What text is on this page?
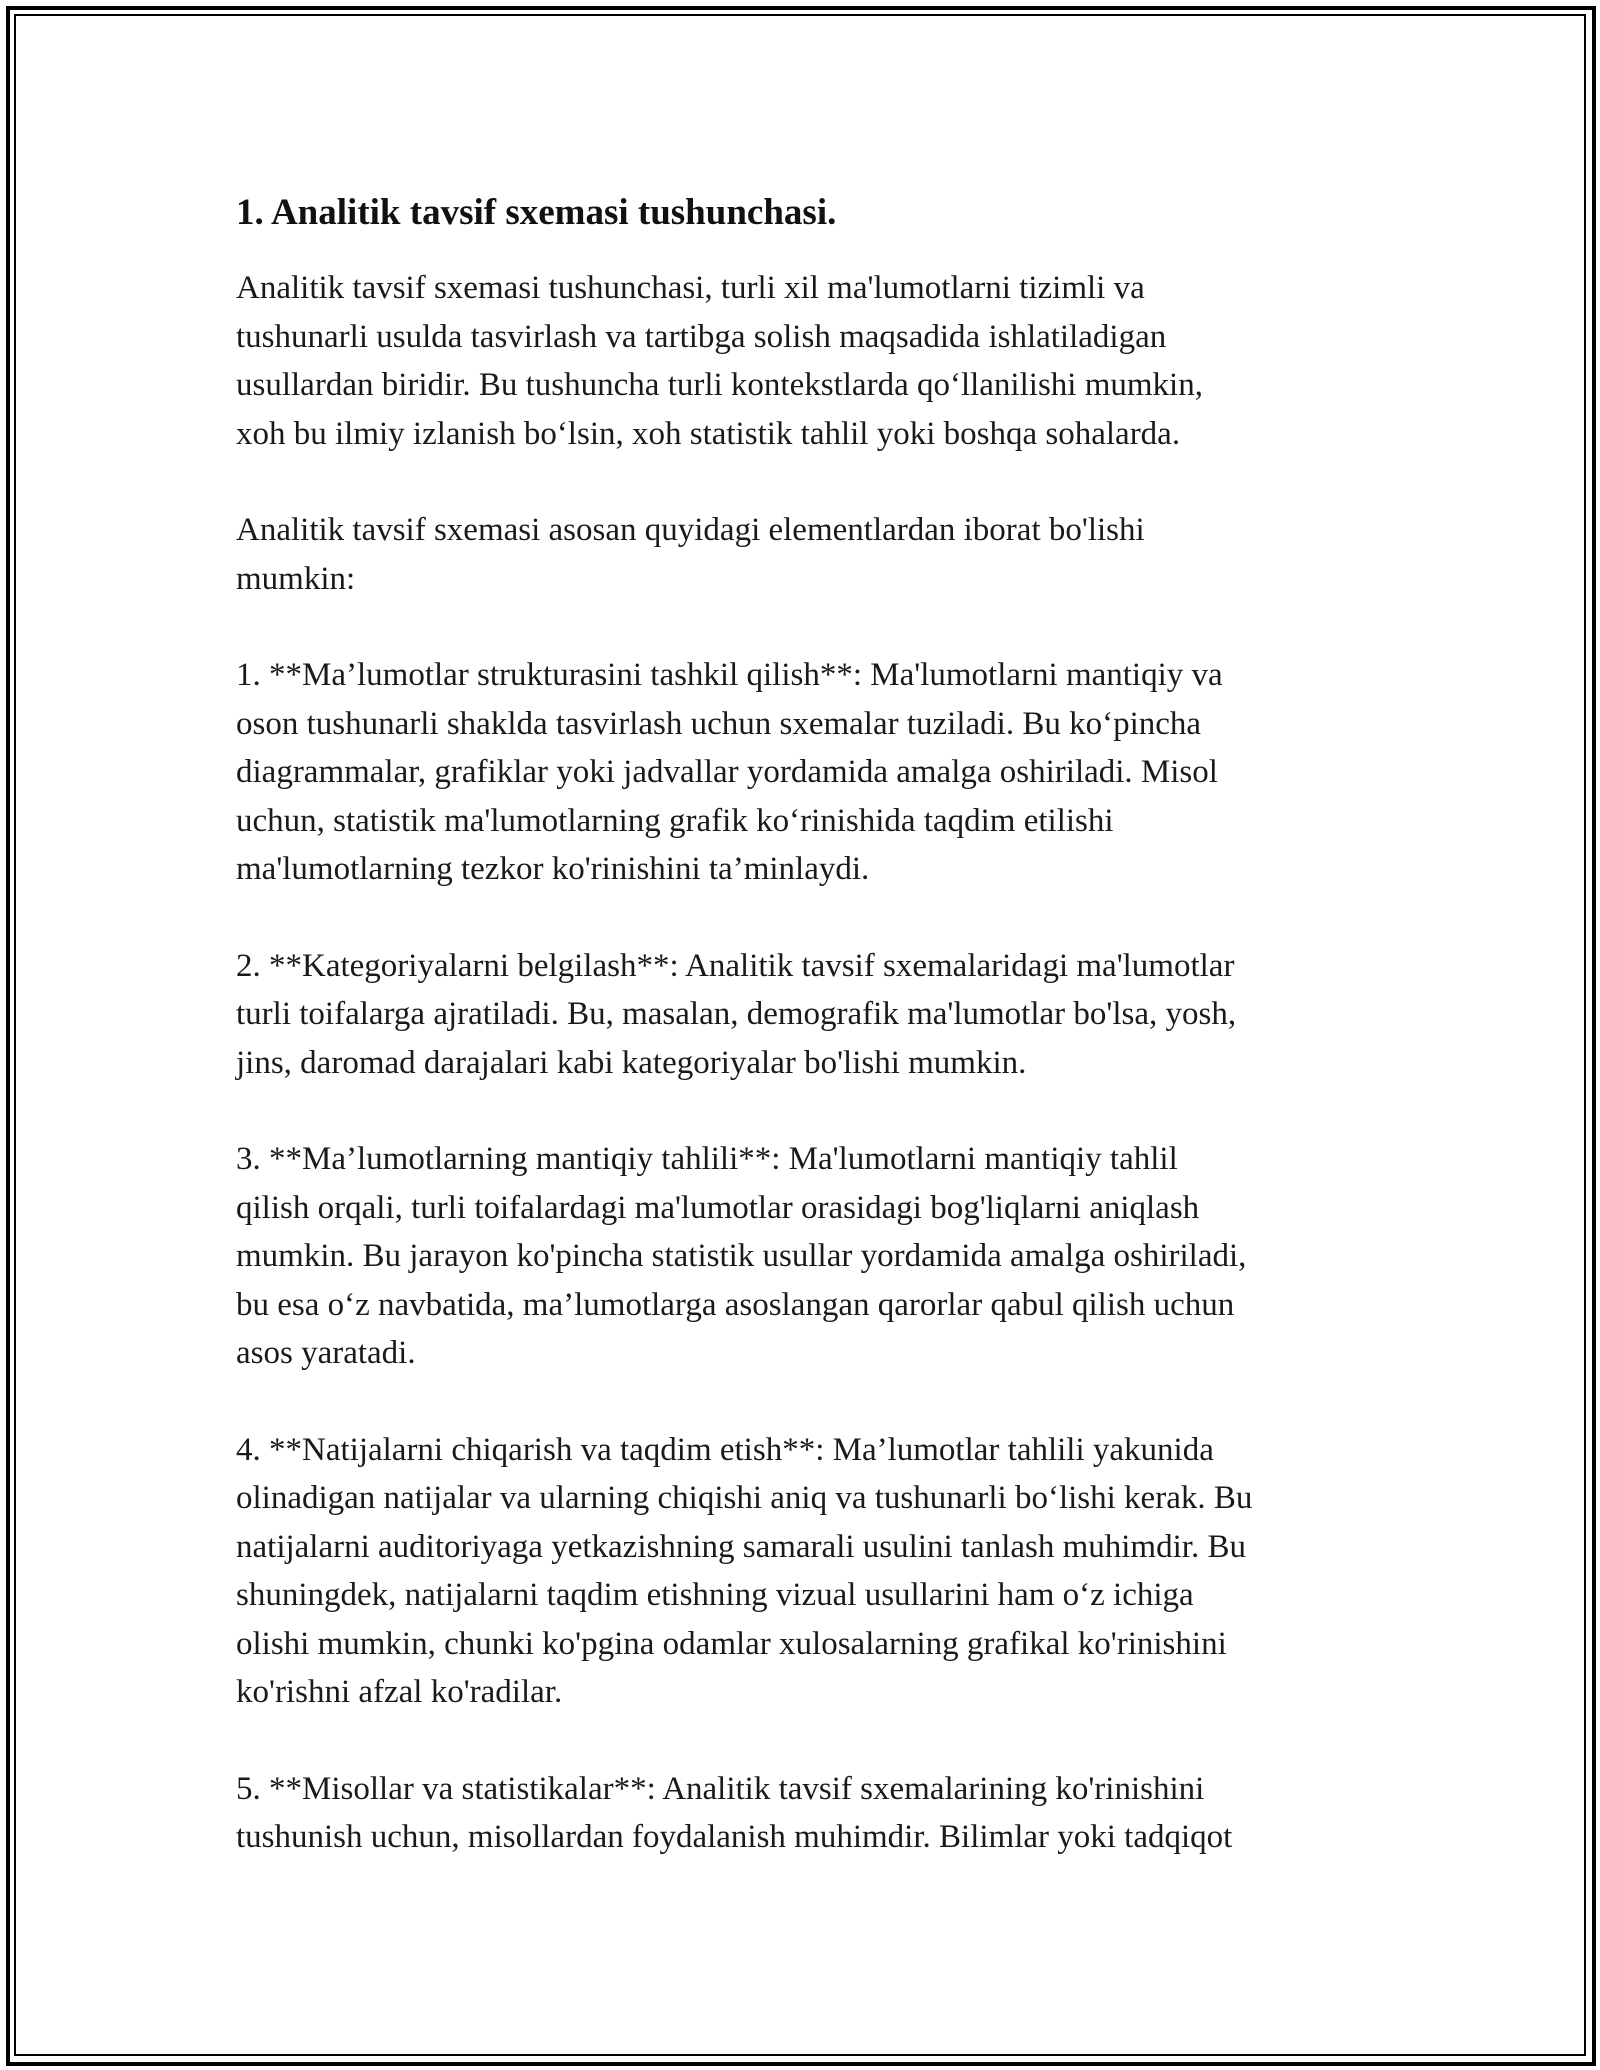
1. Analitik tavsif sxemasi tushunchasi.

Analitik tavsif sxemasi tushunchasi, turli xil ma'lumotlarni tizimli va
tushunarli usulda tasvirlash va tartibga solish maqsadida ishlatiladigan
usullardan biridir. Bu tushuncha turli kontekstlarda qo‘llanilishi mumkin,
xoh bu ilmiy izlanish bo‘lsin, xoh statistik tahlil yoki boshqa sohalarda.

Analitik tavsif sxemasi asosan quyidagi elementlardan iborat bo'lishi
mumkin:

1. **Ma’lumotlar strukturasini tashkil qilish**: Ma'lumotlarni mantiqiy va
oson tushunarli shakldа tasvirlash uchun sxemalar tuziladi. Bu ko‘pincha
diagrammalar, grafiklar yoki jadvallar yordamida amalga oshiriladi. Misol
uchun, statistik ma'lumotlarning grafik ko‘rinishida taqdim etilishi
ma'lumotlarning tezkor ko'rinishini ta’minlaydi.

2. **Kategoriyalarni belgilash**: Analitik tavsif sxemalaridagi ma'lumotlar
turli toifalarga ajratiladi. Bu, masalan, demografik ma'lumotlar bo'lsa, yosh,
jins, daromad darajalari kabi kategoriyalar bo'lishi mumkin.

3. **Ma’lumotlarning mantiqiy tahlili**: Ma'lumotlarni mantiqiy tahlil
qilish orqali, turli toifalardagi ma'lumotlar orasidagi bog'liqlarni aniqlash
mumkin. Bu jarayon ko'pincha statistik usullar yordamida amalga oshiriladi,
bu esa o‘z navbatida, ma’lumotlarga asoslangan qarorlar qabul qilish uchun
asos yaratadi.

4. **Natijalarni chiqarish va taqdim etish**: Ma’lumotlar tahlili yakunida
olinadigan natijalar va ularning chiqishi aniq va tushunarli bo‘lishi kerak. Bu
natijalarni auditoriyaga yetkazishning samarali usulini tanlash muhimdir. Bu
shuningdek, natijalarni taqdim etishning vizual usullarini ham o‘z ichiga
olishi mumkin, chunki ko'pgina odamlar xulosalarning grafikal ko'rinishini
ko'rishni afzal ko'radilar.

5. **Misollar va statistikalar**: Analitik tavsif sxemalarining ko'rinishini
tushunish uchun, misollardan foydalanish muhimdir. Bilimlar yoki tadqiqot
